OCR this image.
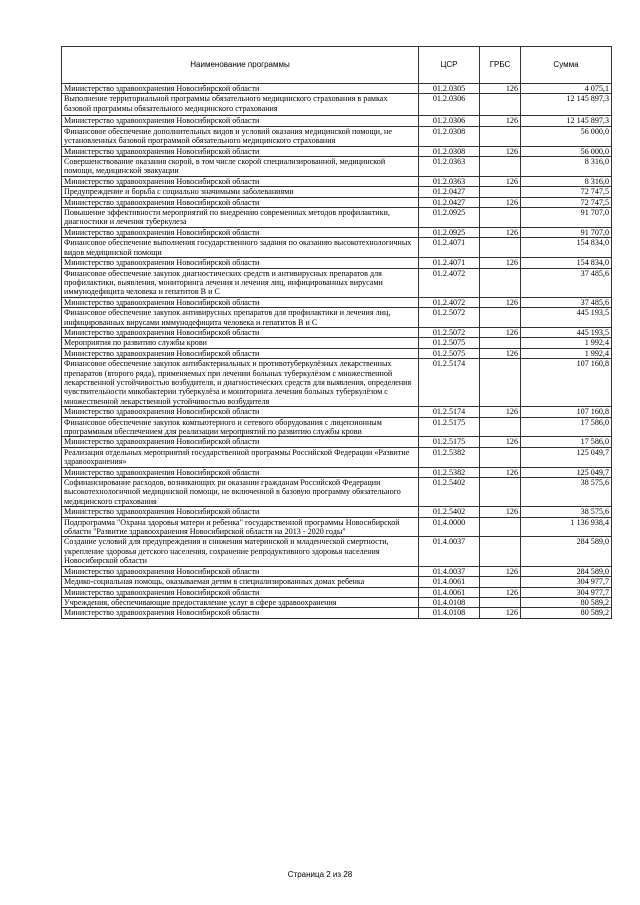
Наименование программы	ЦСР	ГРБС	Сумма
Министерство здравоохранения Новосибирской области	01.2.0305	126	4 075,1
Выполнение территориальной программы обязательного медицинского страхования в рамках базовой программы обязательного медицинского страхования	01.2.0306		12 145 897,3
Министерство здравоохранения Новосибирской области	01.2.0306	126	12 145 897,3
Финансовое обеспечение дополнительных видов и условий оказания медицинской помощи, не установленных базовой программой обязательного медицинского страхования	01.2.0308		56 000,0
Министерство здравоохранения Новосибирской области	01.2.0308	126	56 000,0
Совершенствование оказания скорой, в том числе скорой специализированной, медицинской помощи, медицинской эвакуации	01.2.0363		8 316,0
Министерство здравоохранения Новосибирской области	01.2.0363	126	8 316,0
Предупреждение и борьба с социально значимыми заболеваниями	01.2.0427		72 747,5
Министерство здравоохранения Новосибирской области	01.2.0427	126	72 747,5
Повышение эффективности мероприятий по внедрению современных методов профилактики, диагностики и лечения туберкулеза	01.2.0925		91 707,0
Министерство здравоохранения Новосибирской области	01.2.0925	126	91 707,0
Финансовое обеспечение выполнения государственного задания по оказанию высокотехнологичных видов медицинской помощи	01.2.4071		154 834,0
Министерство здравоохранения Новосибирской области	01.2.4071	126	154 834,0
Финансовое обеспечение закупок диагностических средств и антивирусных препаратов для профилактики, выявления, мониторинга лечения и лечения лиц, инфицированных вирусами иммунодефицита человека и гепатитов В и С	01.2.4072		37 485,6
Министерство здравоохранения Новосибирской области	01.2.4072	126	37 485,6
Финансовое обеспечение закупок антивирусных препаратов для профилактики и лечения лиц, инфицированных вирусами иммунодефицита человека и гепатитов В и С	01.2.5072		445 193,5
Министерство здравоохранения Новосибирской области	01.2.5072	126	445 193,5
Мероприятия по развитию службы крови	01.2.5075		1 992,4
Министерство здравоохранения Новосибирской области	01.2.5075	126	1 992,4
Финансовое обеспечение закупок антибактериальных и противотуберкулёзных лекарственных препаратов (второго ряда), применяемых при лечении больных туберкулёзом с множественной лекарственной устойчивостью возбудителя, и диагностических средств для выявления, определения чувствительности микобактерии туберкулёза и мониторинга лечения больных туберкулёзом с множественной лекарственной устойчивостью возбудителя	01.2.5174		107 160,8
Министерство здравоохранения Новосибирской области	01.2.5174	126	107 160,8
Финансовое обеспечение закупок компьютерного и сетевого оборудования с лицензионным программным обеспечением для реализации мероприятий по развитию службы крови	01.2.5175		17 586,0
Министерство здравоохранения Новосибирской области	01.2.5175	126	17 586,0
Реализация отдельных мероприятий государственной программы Российской Федерации «Развитие здравоохранения»	01.2.5382		125 049,7
Министерство здравоохранения Новосибирской области	01.2.5382	126	125 049,7
Софинансирование расходов, возникающих ри оказании гражданам Российской Федерации высокотехнологичной медицинской помощи, не включенной в базовую программу обязательного медицинского страхования	01.2.5402		38 575,6
Министерство здравоохранения Новосибирской области	01.2.5402	126	38 575,6
Подпрограмма "Охрана здоровья матери и ребенка" государственной программы Новосибирской области "Развитие здравоохранения Новосибирской области на 2013 - 2020 годы"	01.4.0000		1 136 938,4
Создание условий для предупреждения и снижения материнской и младенческой смертности, укрепление здоровья детского населения, сохранение репродуктивного здоровья населения Новосибирской области	01.4.0037		284 589,0
Министерство здравоохранения Новосибирской области	01.4.0037	126	284 589,0
Медико-социальная помощь, оказываемая детям в специализированных домах ребенка	01.4.0061		304 977,7
Министерство здравоохранения Новосибирской области	01.4.0061	126	304 977,7
Учреждения, обеспечивающие предоставление услуг в сфере здравоохранения	01.4.0108		80 589,2
Министерство здравоохранения Новосибирской области	01.4.0108	126	80 589,2
Страница 2 из 28
